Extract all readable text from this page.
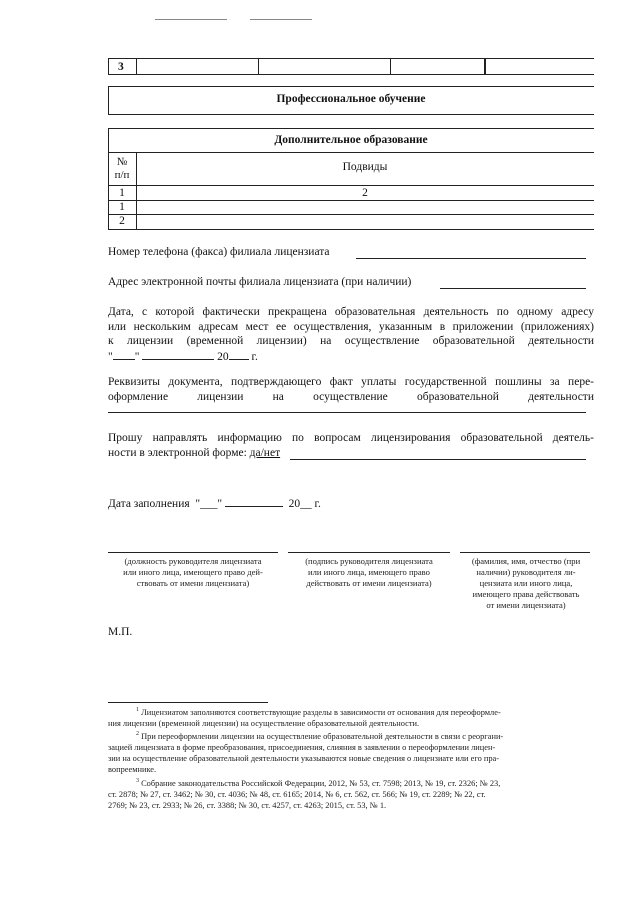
3
Профессиональное обучение
Дополнительное образование
№
п/п
Подвиды
1	2
1
2
Номер телефона (факса) филиала лицензиата
Адрес электронной почты филиала лицензиата (при наличии)
Дата, с которой фактически прекращена образовательная деятельность по одному адресу
или нескольким адресам мест ее осуществления, указанным в приложении (приложениях)
к лицензии (временной лицензии) на осуществление образовательной деятельности
" "	20 г.
Реквизиты документа, подтверждающего факт уплаты государственной пошлины за пере-
оформление лицензии на осуществление образовательной деятельности
Прошу направлять информацию по вопросам лицензирования образовательной деятель-
ности в электронной форме: да/нет
Дата заполнения "___"	20__ г.
(должность руководителя лицензиата
или иного лица, имеющего право дей-
ствовать от имени лицензиата)
(подпись руководителя лицензиата
или иного лица, имеющего право
действовать от имени лицензиата)
(фамилия, имя, отчество (при
наличии) руководителя ли-
цензиата или иного лица,
имеющего права действовать
от имени лицензиата)
М.П.
$^1$ Лицензиатом заполняются соответствующие разделы в зависимости от основания для переоформле-
ния лицензии (временной лицензии) на осуществление образовательной деятельности.
$^2$ При переоформлении лицензии на осуществление образовательной деятельности в связи с реоргани-
зацией лицензиата в форме преобразования, присоединения, слияния в заявлении о переоформлении лицен-
зии на осуществление образовательной деятельности указываются новые сведения о лицензиате или его пра-
вопреемнике.
$^3$ Собрание законодательства Российской Федерации, 2012, № 53, ст. 7598; 2013, № 19, ст. 2326; № 23,
ст. 2878; № 27, ст. 3462; № 30, ст. 4036; № 48, ст. 6165; 2014, № 6, ст. 562, ст. 566; № 19, ст. 2289; № 22, ст.
2769; № 23, ст. 2933; № 26, ст. 3388; № 30, ст. 4257, ст. 4263; 2015, ст. 53, № 1.
